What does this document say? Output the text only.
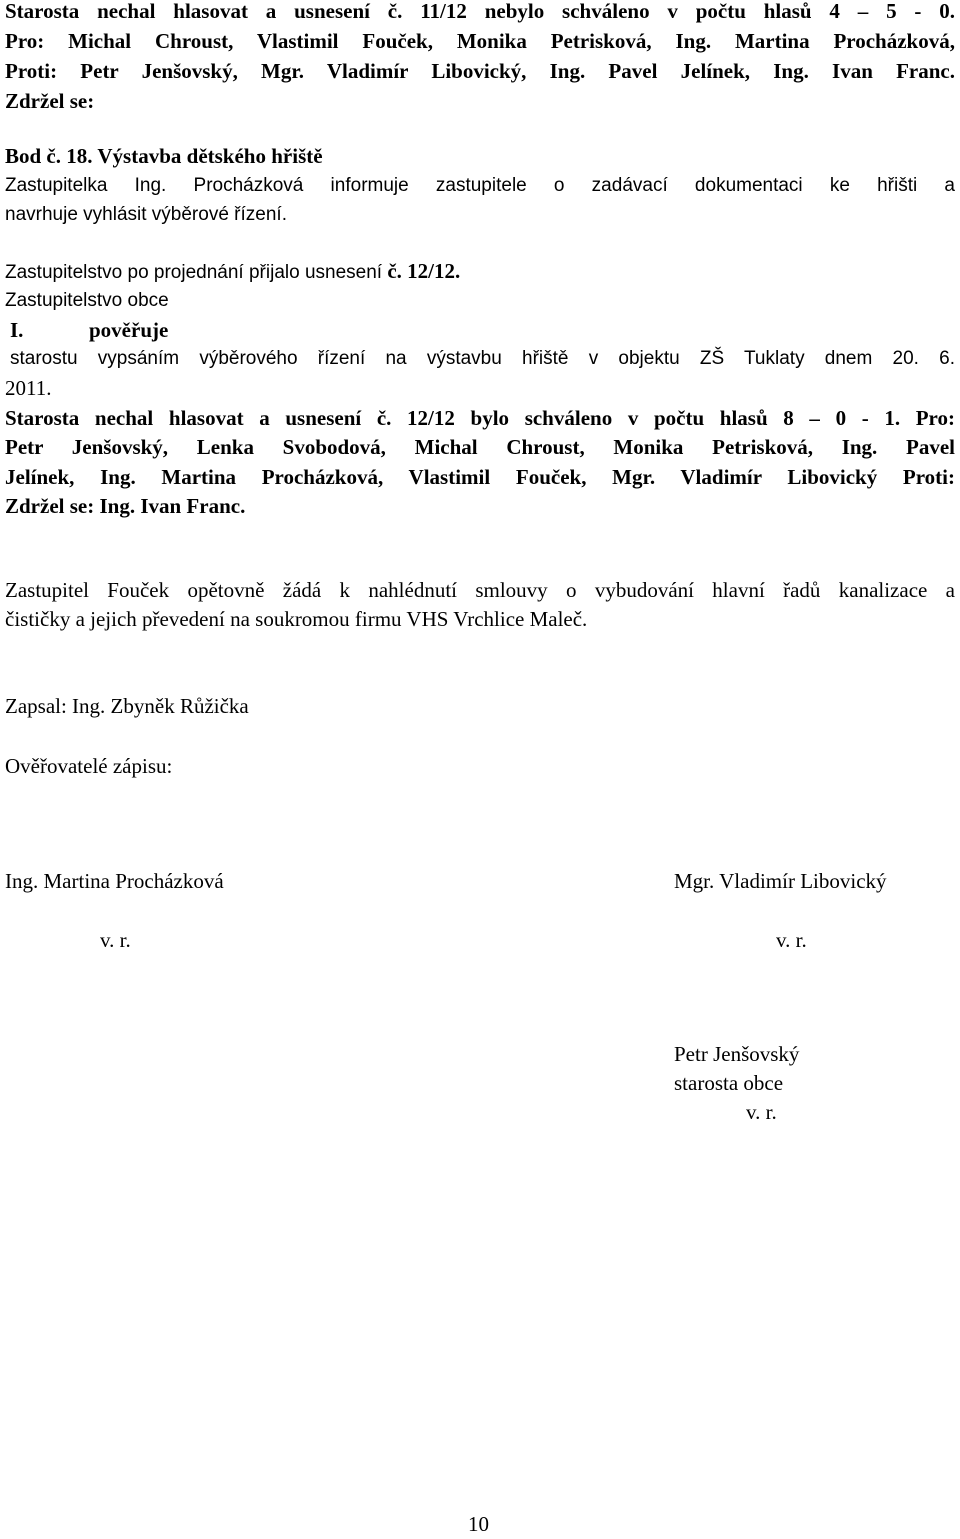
Starosta nechal hlasovat a usnesení č. 11/12 nebylo schváleno v počtu hlasů 4 – 5 - 0.
Pro: Michal Chroust, Vlastimil Fouček, Monika Petrisková, Ing. Martina Procházková,
Proti: Petr Jenšovský, Mgr. Vladimír Libovický, Ing. Pavel Jelínek, Ing. Ivan Franc.
Zdržel se:
Bod č. 18. Výstavba dětského hřiště
Zastupitelka Ing. Procházková informuje zastupitele o zadávací dokumentaci ke hřišti a
navrhuje vyhlásit výběrové řízení.
Zastupitelstvo po projednání přijalo usnesení č. 12/12.
Zastupitelstvo obce
I.	pověřuje
starostu vypsáním výběrového řízení na výstavbu hřiště v objektu ZŠ Tuklaty dnem 20. 6.
2011.
Starosta nechal hlasovat a usnesení č. 12/12 bylo schváleno v počtu hlasů 8 – 0 - 1. Pro:
Petr Jenšovský, Lenka Svobodová, Michal Chroust, Monika Petrisková, Ing. Pavel
Jelínek, Ing. Martina Procházková, Vlastimil Fouček, Mgr. Vladimír Libovický Proti:
Zdržel se: Ing. Ivan Franc.
Zastupitel Fouček opětovně žádá k nahlédnutí smlouvy o vybudování hlavní řadů kanalizace a
čističky a jejich převedení na soukromou firmu VHS Vrchlice Maleč.
Zapsal: Ing. Zbyněk Růžička
Ověřovatelé zápisu:
Ing. Martina Procházková	Mgr. Vladimír Libovický
v. r.	v. r.
Petr Jenšovský
starosta obce
v. r.
10
